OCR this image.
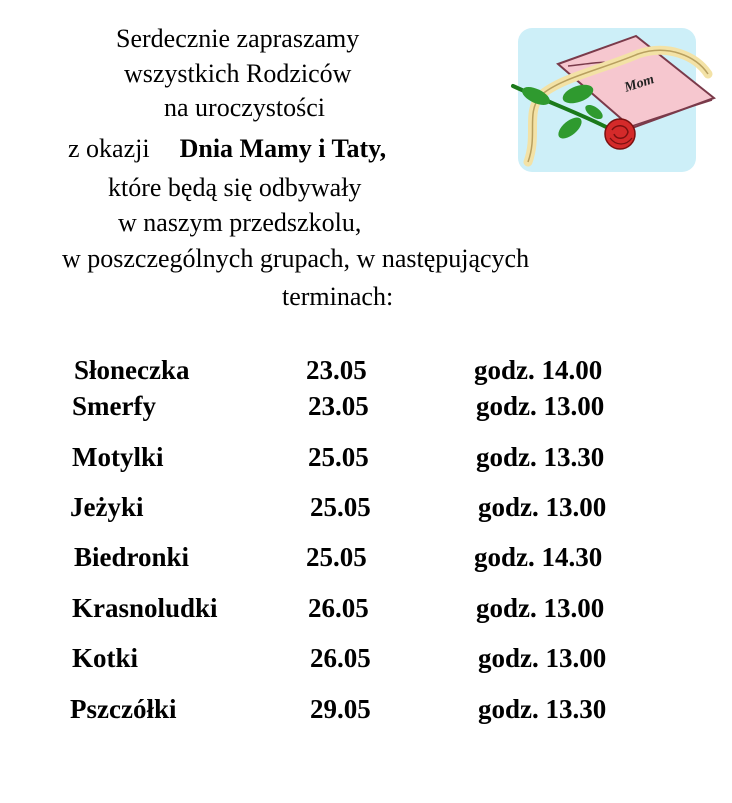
Serdecznie zapraszamy
wszystkich Rodziców
na uroczystości
z okazji Dnia Mamy i Taty,
które będą się odbywały
w naszym przedszkolu,
w poszczególnych grupach, w następujących
terminach:
Mom
Słoneczka	23.05	godz. 14.00
Smerfy	23.05	godz. 13.00
Motylki	25.05	godz. 13.30
Jeżyki	25.05	godz. 13.00
Biedronki	25.05	godz. 14.30
Krasnoludki	26.05	godz. 13.00
Kotki	26.05	godz. 13.00
Pszczółki	29.05	godz. 13.30
